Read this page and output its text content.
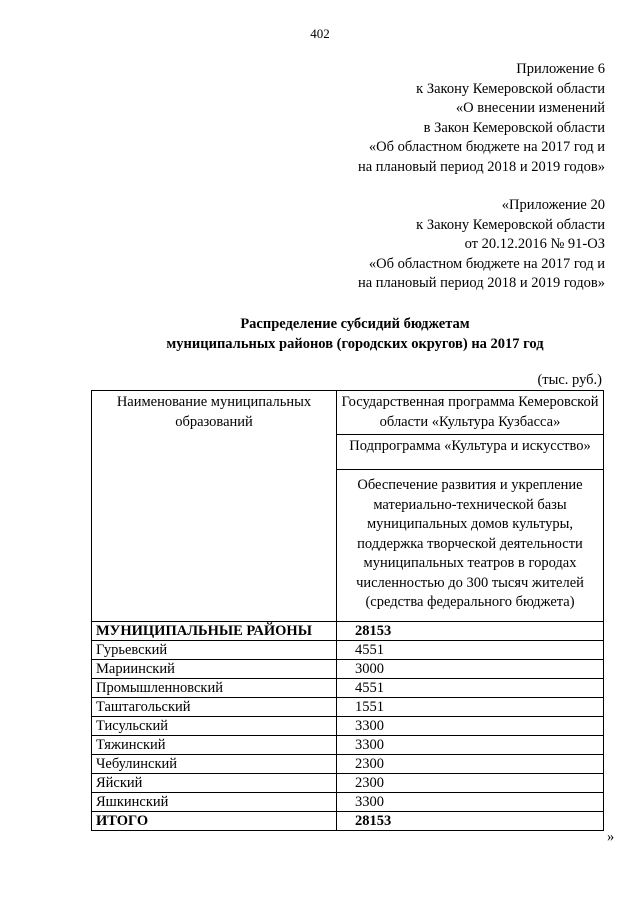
402
Приложение 6
к Закону Кемеровской области
«О внесении изменений
в Закон Кемеровской области
«Об областном бюджете на 2017 год и
на плановый период 2018 и 2019 годов»
«Приложение 20
к Закону Кемеровской области
от 20.12.2016 № 91-ОЗ
«Об областном бюджете на 2017 год и
на плановый период 2018 и 2019 годов»
Распределение субсидий бюджетам
муниципальных районов (городских округов) на 2017 год
(тыс. руб.)
Наименование муниципальных образований	Государственная программа Кемеровской области «Культура Кузбасса»
	Подпрограмма «Культура и искусство»
	Обеспечение развития и укрепление материально-технической базы муниципальных домов культуры, поддержка творческой деятельности муниципальных театров в городах численностью до 300 тысяч жителей (средства федерального бюджета)
МУНИЦИПАЛЬНЫЕ РАЙОНЫ	28153
Гурьевский	4551
Мариинский	3000
Промышленновский	4551
Таштагольский	1551
Тисульский	3300
Тяжинский	3300
Чебулинский	2300
Яйский	2300
Яшкинский	3300
ИТОГО	28153
»
